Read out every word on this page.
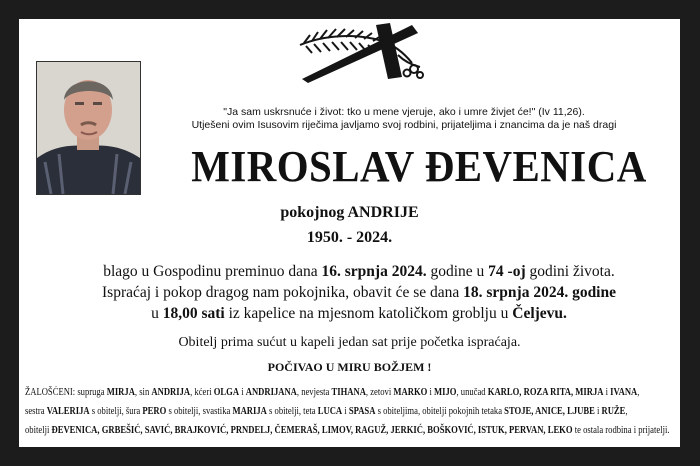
"Ja sam uskrsnuće i život: tko u mene vjeruje, ako i umre živjet će!" (Iv 11,26).
Utješeni ovim Isusovim riječima javljamo svoj rodbini, prijateljima i znancima da je naš dragi
MIROSLAV ĐEVENICA
pokojnog ANDRIJE
1950. - 2024.
blago u Gospodinu preminuo dana 16. srpnja 2024. godine u 74 -oj godini života.
Ispraćaj i pokop dragog nam pokojnika, obavit će se dana 18. srpnja 2024. godine
u 18,00 sati iz kapelice na mjesnom katoličkom groblju u Čeljevu.
Obitelj prima sućut u kapeli jedan sat prije početka ispraćaja.
POČIVAO U MIRU BOŽJEM !
ŽALOŠĆENI: supruga MIRJA, sin ANDRIJA, kćeri OLGA i ANDRIJANA, nevjesta TIHANA, zetovi MARKO i MIJO, unučad KARLO, ROZA RITA, MIRJA i IVANA,
sestra VALERIJA s obitelji, šura PERO s obitelji, svastika MARIJA s obitelji, teta LUCA i SPASA s obiteljima, obitelji pokojnih tetaka STOJE, ANICE, LJUBE i RUŽE,
obitelji ĐEVENICA, GRBEŠIĆ, SAVIĆ, BRAJKOVIĆ, PRNDELJ, ČEMERAŠ, LIMOV, RAGUŽ, JERKIĆ, BOŠKOVIĆ, ISTUK, PERVAN, LEKO te ostala rodbina i prijatelji.
